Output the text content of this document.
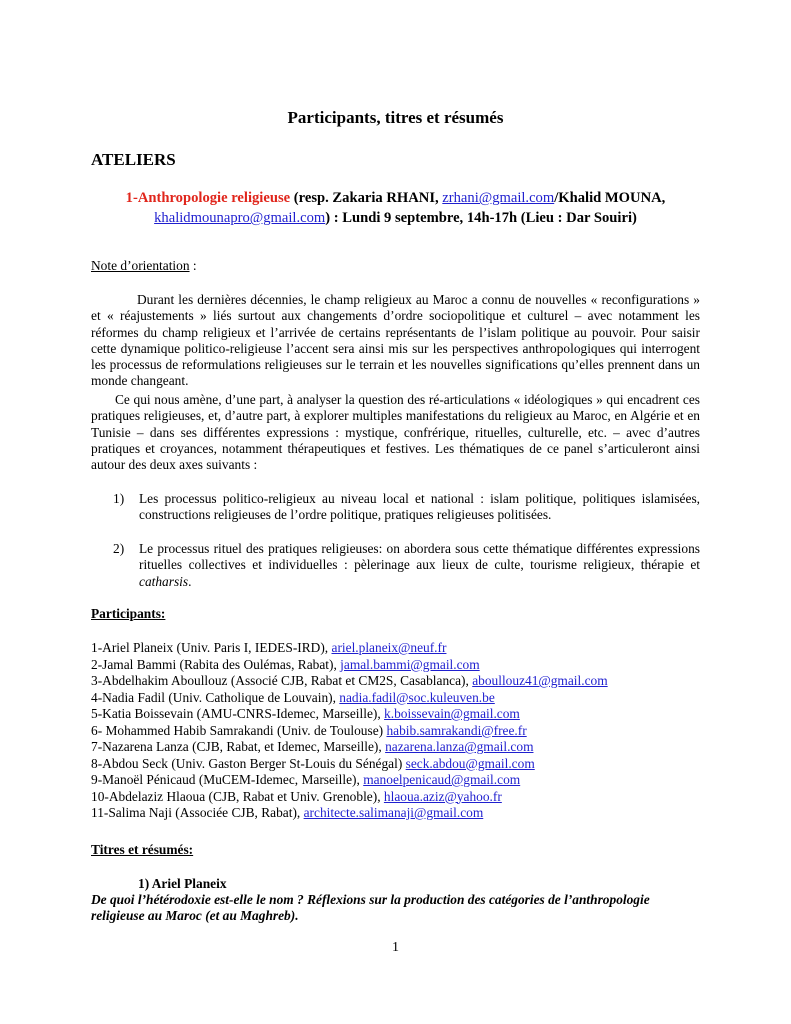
Participants, titres et résumés
ATELIERS
1-Anthropologie religieuse (resp. Zakaria RHANI, zrhani@gmail.com/Khalid MOUNA, khalidmounapro@gmail.com) : Lundi 9 septembre, 14h-17h (Lieu : Dar Souiri)
Note d’orientation :
Durant les dernières décennies, le champ religieux au Maroc a connu de nouvelles « reconfigurations » et « réajustements » liés surtout aux changements d’ordre sociopolitique et culturel – avec notamment les réformes du champ religieux et l’arrivée de certains représentants de l’islam politique au pouvoir. Pour saisir cette dynamique politico-religieuse l’accent sera ainsi mis sur les perspectives anthropologiques qui interrogent les processus de reformulations religieuses sur le terrain et les nouvelles significations qu’elles prennent dans un monde changeant.
Ce qui nous amène, d’une part, à analyser la question des ré-articulations « idéologiques » qui encadrent ces pratiques religieuses, et, d’autre part, à explorer multiples manifestations du religieux au Maroc, en Algérie et en Tunisie – dans ses différentes expressions : mystique, confrérique, rituelles, culturelle, etc. – avec d’autres pratiques et croyances, notamment thérapeutiques et festives. Les thématiques de ce panel s’articuleront ainsi autour des deux axes suivants :
1) Les processus politico-religieux au niveau local et national : islam politique, politiques islamisées, constructions religieuses de l’ordre politique, pratiques religieuses politisées.
2) Le processus rituel des pratiques religieuses: on abordera sous cette thématique différentes expressions rituelles collectives et individuelles : pèlerinage aux lieux de culte, tourisme religieux, thérapie et catharsis.
Participants:
1-Ariel Planeix (Univ. Paris I, IEDES-IRD), ariel.planeix@neuf.fr
2-Jamal Bammi (Rabita des Oulémas, Rabat), jamal.bammi@gmail.com
3-Abdelhakim Aboullouz (Associé CJB, Rabat et CM2S, Casablanca), aboullouz41@gmail.com
4-Nadia Fadil (Univ. Catholique de Louvain), nadia.fadil@soc.kuleuven.be
5-Katia Boissevain (AMU-CNRS-Idemec, Marseille), k.boissevain@gmail.com
6- Mohammed Habib Samrakandi (Univ. de Toulouse) habib.samrakandi@free.fr
7-Nazarena Lanza (CJB, Rabat, et Idemec, Marseille), nazarena.lanza@gmail.com
8-Abdou Seck (Univ. Gaston Berger St-Louis du Sénégal) seck.abdou@gmail.com
9-Manoël Pénicaud (MuCEM-Idemec, Marseille), manoelpenicaud@gmail.com
10-Abdelaziz Hlaoua (CJB, Rabat et Univ. Grenoble), hlaoua.aziz@yahoo.fr
11-Salima Naji (Associée CJB, Rabat), architecte.salimanaji@gmail.com
Titres et résumés:
1) Ariel Planeix
De quoi l’hétérodoxie est-elle le nom ? Réflexions sur la production des catégories de l’anthropologie religieuse au Maroc (et au Maghreb).
1
